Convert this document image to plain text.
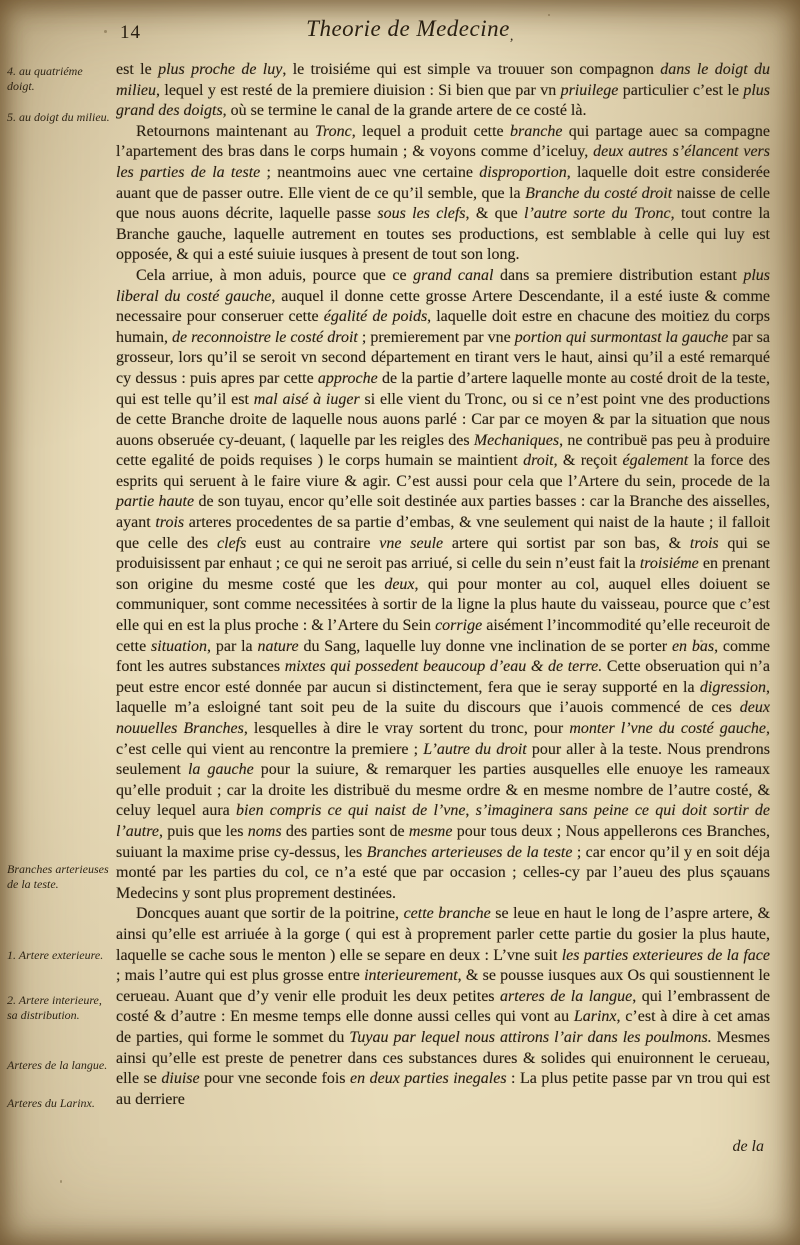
14	Theorie de Medecine,
4. au quatriéme doigt.
5. au doigt du milieu.
Branches arterieuses de la teste.
1. Artere exterieure.
2. Artere interieure, sa distribution.
Arteres de la langue.
Arteres du Larinx.

est le plus proche de luy, le troisiéme qui est simple va trouuer son compagnon dans le doigt du milieu, lequel y est resté de la premiere diuision : Si bien que par vn priuilege particulier c’est le plus grand des doigts, où se termine le canal de la grande artere de ce costé là.

Retournons maintenant au Tronc, lequel a produit cette branche qui partage auec sa compagne l’apartement des bras dans le corps humain ; & voyons comme d’iceluy, deux autres s’élancent vers les parties de la teste ; neantmoins auec vne certaine disproportion, laquelle doit estre considerée auant que de passer outre. Elle vient de ce qu’il semble, que la Branche du costé droit naisse de celle que nous auons décrite, laquelle passe sous les clefs, & que l’autre sorte du Tronc, tout contre la Branche gauche, laquelle autrement en toutes ses productions, est semblable à celle qui luy est opposée, & qui a esté suiuie iusques à present de tout son long.

Cela arriue, à mon aduis, pource que ce grand canal dans sa premiere distribution estant plus liberal du costé gauche, auquel il donne cette grosse Artere Descendante, il a esté iuste & comme necessaire pour conseruer cette égalité de poids, laquelle doit estre en chacune des moitiez du corps humain, de reconnoistre le costé droit ; premierement par vne portion qui surmontast la gauche par sa grosseur, lors qu’il se seroit vn second département en tirant vers le haut, ainsi qu’il a esté remarqué cy dessus : puis apres par cette approche de la partie d’artere laquelle monte au costé droit de la teste, qui est telle qu’il est mal aisé à iuger si elle vient du Tronc, ou si ce n’est point vne des productions de cette Branche droite de laquelle nous auons parlé : Car par ce moyen & par la situation que nous auons obseruée cy-deuant, ( laquelle par les reigles des Mechaniques, ne contribuë pas peu à produire cette egalité de poids requises ) le corps humain se maintient droit, & reçoit également la force des esprits qui seruent à le faire viure & agir. C’est aussi pour cela que l’Artere du sein, procede de la partie haute de son tuyau, encor qu’elle soit destinée aux parties basses : car la Branche des aisselles, ayant trois arteres procedentes de sa partie d’embas, & vne seulement qui naist de la haute ; il falloit que celle des clefs eust au contraire vne seule artere qui sortist par son bas, & trois qui se produisissent par enhaut ; ce qui ne seroit pas arriué, si celle du sein n’eust fait la troisiéme en prenant son origine du mesme costé que les deux, qui pour monter au col, auquel elles doiuent se communiquer, sont comme necessitées à sortir de la ligne la plus haute du vaisseau, pource que c’est elle qui en est la plus proche : & l’Artere du Sein corrige aisément l’incommodité qu’elle receuroit de cette situation, par la nature du Sang, laquelle luy donne vne inclination de se porter en bas, comme font les autres substances mixtes qui possedent beaucoup d’eau & de terre. Cette obseruation qui n’a peut estre encor esté donnée par aucun si distinctement, fera que ie seray supporté en la digression, laquelle m’a esloigné tant soit peu de la suite du discours que i’auois commencé de ces deux nouuelles Branches, lesquelles à dire le vray sortent du tronc, pour monter l’vne du costé gauche, c’est celle qui vient au rencontre la premiere ; L’autre du droit pour aller à la teste. Nous prendrons seulement la gauche pour la suiure, & remarquer les parties ausquelles elle enuoye les rameaux qu’elle produit ; car la droite les distribuë du mesme ordre & en mesme nombre de l’autre costé, & celuy lequel aura bien compris ce qui naist de l’vne, s’imaginera sans peine ce qui doit sortir de l’autre, puis que les noms des parties sont de mesme pour tous deux ; Nous appellerons ces Branches, suiuant la maxime prise cy-dessus, les Branches arterieuses de la teste ; car encor qu’il y en soit déja monté par les parties du col, ce n’a esté que par occasion ; celles-cy par l’aueu des plus sçauans Medecins y sont plus proprement destinées.

Doncques auant que sortir de la poitrine, cette branche se leue en haut le long de l’aspre artere, & ainsi qu’elle est arriuée à la gorge ( qui est à proprement parler cette partie du gosier la plus haute, laquelle se cache sous le menton ) elle se separe en deux : L’vne suit les parties exterieures de la face ; mais l’autre qui est plus grosse entre interieurement, & se pousse iusques aux Os qui soustiennent le cerueau. Auant que d’y venir elle produit les deux petites arteres de la langue, qui l’embrassent de costé & d’autre : En mesme temps elle donne aussi celles qui vont au Larinx, c’est à dire à cet amas de parties, qui forme le sommet du Tuyau par lequel nous attirons l’air dans les poulmons. Mesmes ainsi qu’elle est preste de penetrer dans ces substances dures & solides qui enuironnent le cerueau, elle se diuise pour vne seconde fois en deux parties inegales : La plus petite passe par vn trou qui est au derriere

de la
